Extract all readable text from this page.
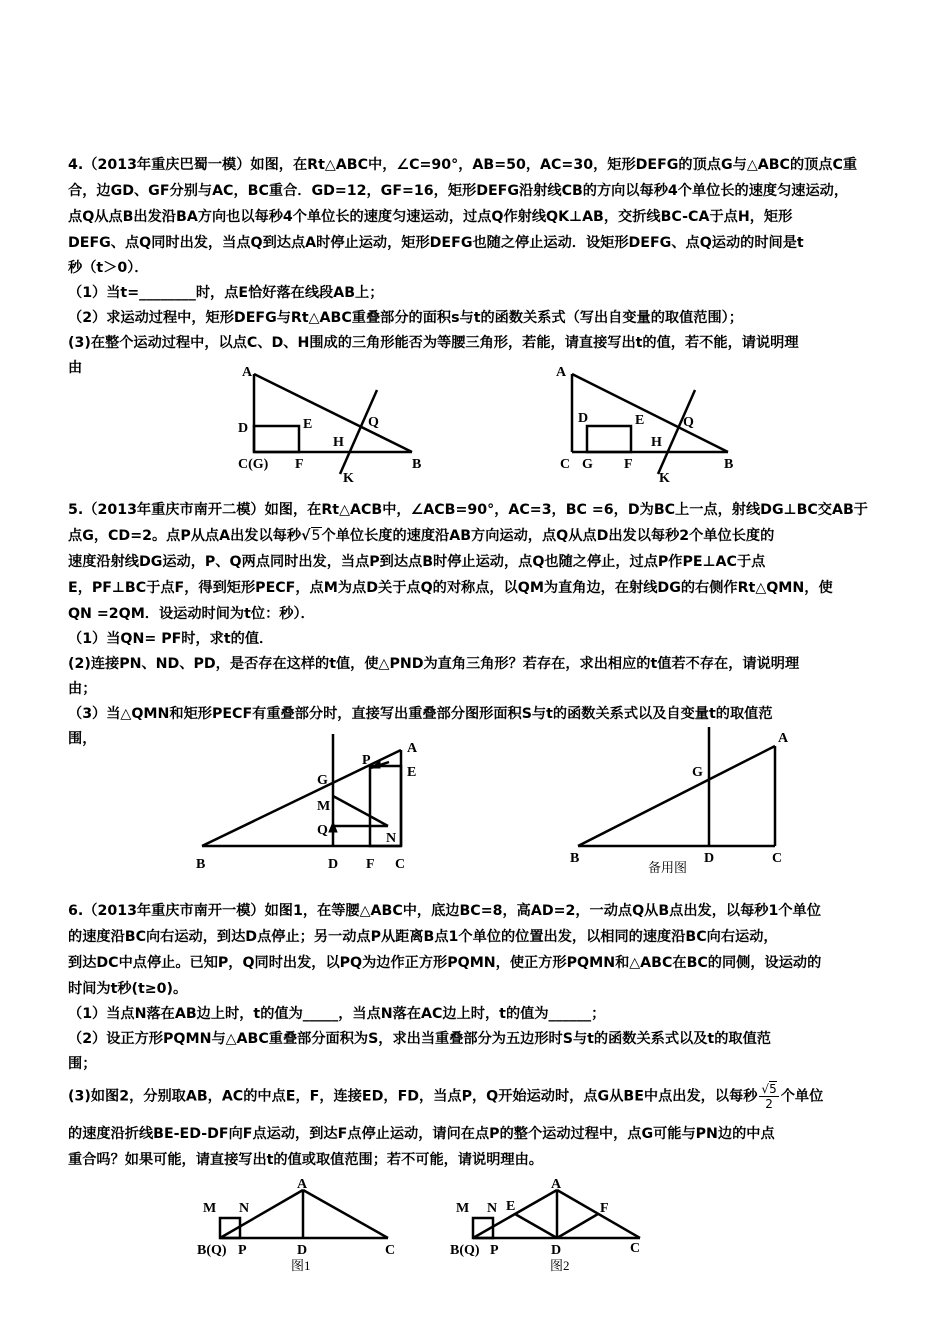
4.（2013年重庆巴蜀一模）如图，在Rt△ABC中，∠C=90°，AB=50，AC=30，矩形DEFG的顶点G与△ABC的顶点C重
合，边GD、GF分别与AC，BC重合．GD=12，GF=16，矩形DEFG沿射线CB的方向以每秒4个单位长的速度匀速运动，
点Q从点B出发沿BA方向也以每秒4个单位长的速度匀速运动，过点Q作射线QK⊥AB，交折线BC-CA于点H，矩形
DEFG、点Q同时出发，当点Q到达点A时停止运动，矩形DEFG也随之停止运动．设矩形DEFG、点Q运动的时间是t
秒（t＞0）．
（1）当t=________时，点E恰好落在线段AB上；
（2）求运动过程中，矩形DEFG与Rt△ABC重叠部分的面积s与t的函数关系式（写出自变量的取值范围）；
(3)在整个运动过程中，以点C、D、H围成的三角形能否为等腰三角形，若能，请直接写出t的值，若不能，请说明理
由	A
D	E	Q
H
C(G) F
K
B
A
D	E	Q
H
C G F
K
B
5.（2013年重庆市南开二模）如图，在Rt△ACB中，∠ACB=90°，AC=3，BC =6，D为BC上一点，射线DG⊥BC交AB于
点G，CD=2。点P从点A出发以每秒√5个单位长度的速度沿AB方向运动，点Q从点D出发以每秒2个单位长度的
速度沿射线DG运动，P、Q两点同时出发，当点P到达点B时停止运动，点Q也随之停止，过点P作PE⊥AC于点
E，PF⊥BC于点F，得到矩形PECF，点M为点D关于点Q的对称点，以QM为直角边，在射线DG的右侧作Rt△QMN，使
QN =2QM．设运动时间为t位：秒）．
（1）当QN= PF时，求t的值．
(2)连接PN、ND、PD，是否存在这样的t值，使△PND为直角三角形？若存在，求出相应的t值若不存在，请说明理
由；
（3）当△QMN和矩形PECF有重叠部分时，直接写出重叠部分图形面积S与t的函数关系式以及自变量t的取值范
围，
A
E
P
G
M
Q
N
B	D F C
A
G
B	D	C
备用图
6.（2013年重庆市南开一模）如图1，在等腰△ABC中，底边BC=8，高AD=2，一动点Q从B点出发，以每秒1个单位
的速度沿BC向右运动，到达D点停止；另一动点P从距离B点1个单位的位置出发，以相同的速度沿BC向右运动，
到达DC中点停止。已知P，Q同时出发，以PQ为边作正方形PQMN，使正方形PQMN和△ABC在BC的同侧，设运动的
时间为t秒(t≥0)。
（1）当点N落在AB边上时，t的值为_____，当点N落在AC边上时，t的值为______；
（2）设正方形PQMN与△ABC重叠部分面积为S，求出当重叠部分为五边形时S与t的函数关系式以及t的取值范
围；
(3)如图2，分别取AB，AC的中点E，F，连接ED，FD，当点P，Q开始运动时，点G从BE中点出发，以每秒 $\frac{√5}{2}$ 个单位
的速度沿折线BE-ED-DF向F点运动，到达F点停止运动，请问在点P的整个运动过程中，点G可能与PN边的中点
重合吗？如果可能，请直接写出t的值或取值范围；若不可能，请说明理由。
A
M N
B(Q) P	D	C
图1
A
M N E	F
B(Q) P	D	C
图2
